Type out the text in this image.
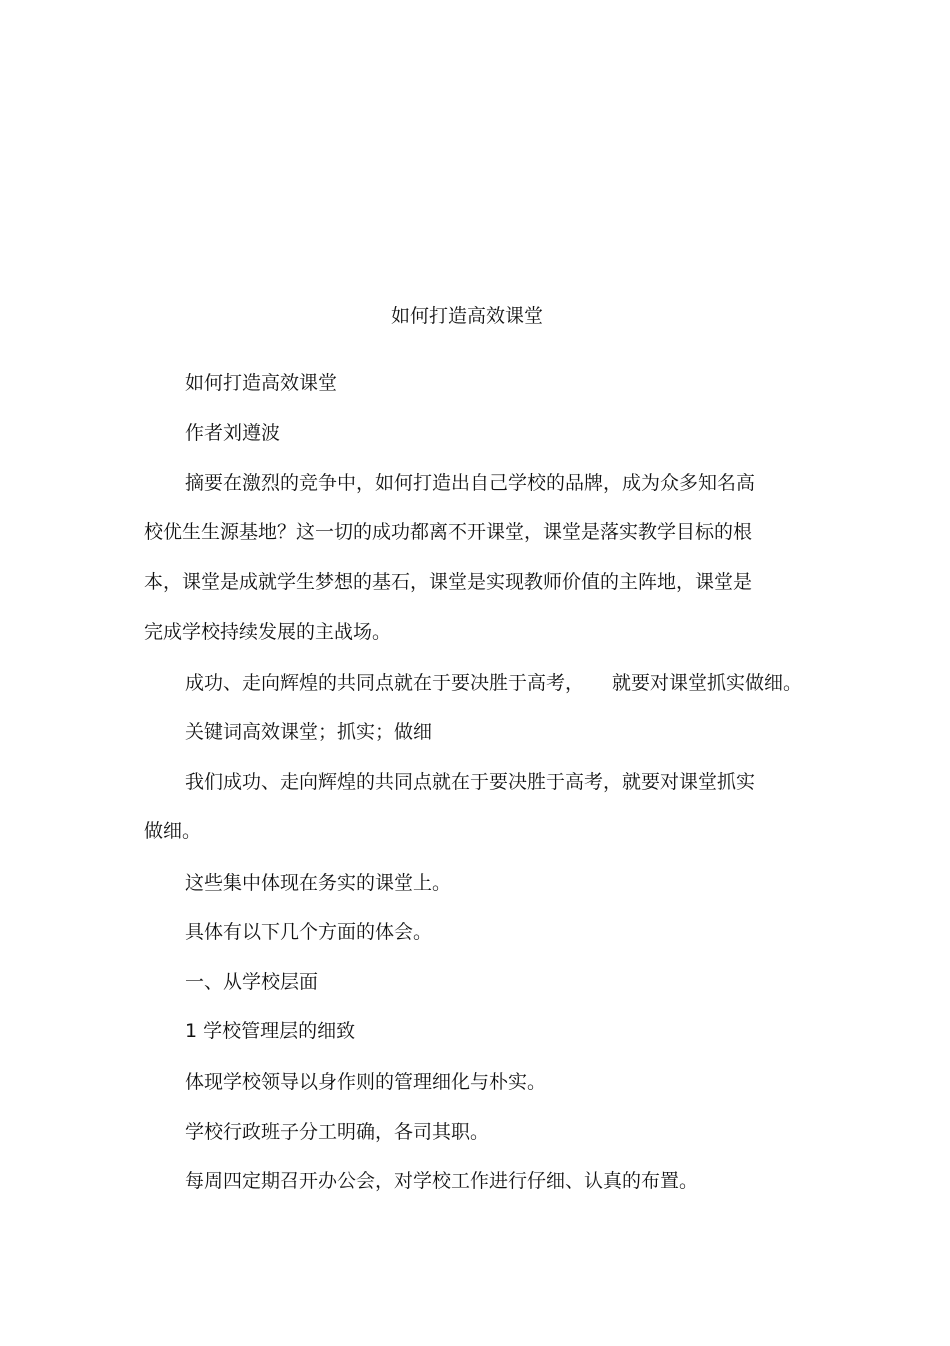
如何打造高效课堂
如何打造高效课堂
作者刘遵波
摘要在激烈的竞争中，如何打造出自己学校的品牌，成为众多知名高
校优生生源基地？这一切的成功都离不开课堂，课堂是落实教学目标的根
本，课堂是成就学生梦想的基石，课堂是实现教师价值的主阵地，课堂是
完成学校持续发展的主战场。
成功、走向辉煌的共同点就在于要决胜于高考， 就要对课堂抓实做细。
关键词高效课堂；抓实；做细
我们成功、走向辉煌的共同点就在于要决胜于高考，就要对课堂抓实
做细。
这些集中体现在务实的课堂上。
具体有以下几个方面的体会。
一、从学校层面
1 学校管理层的细致
体现学校领导以身作则的管理细化与朴实。
学校行政班子分工明确，各司其职。
每周四定期召开办公会，对学校工作进行仔细、认真的布置。
